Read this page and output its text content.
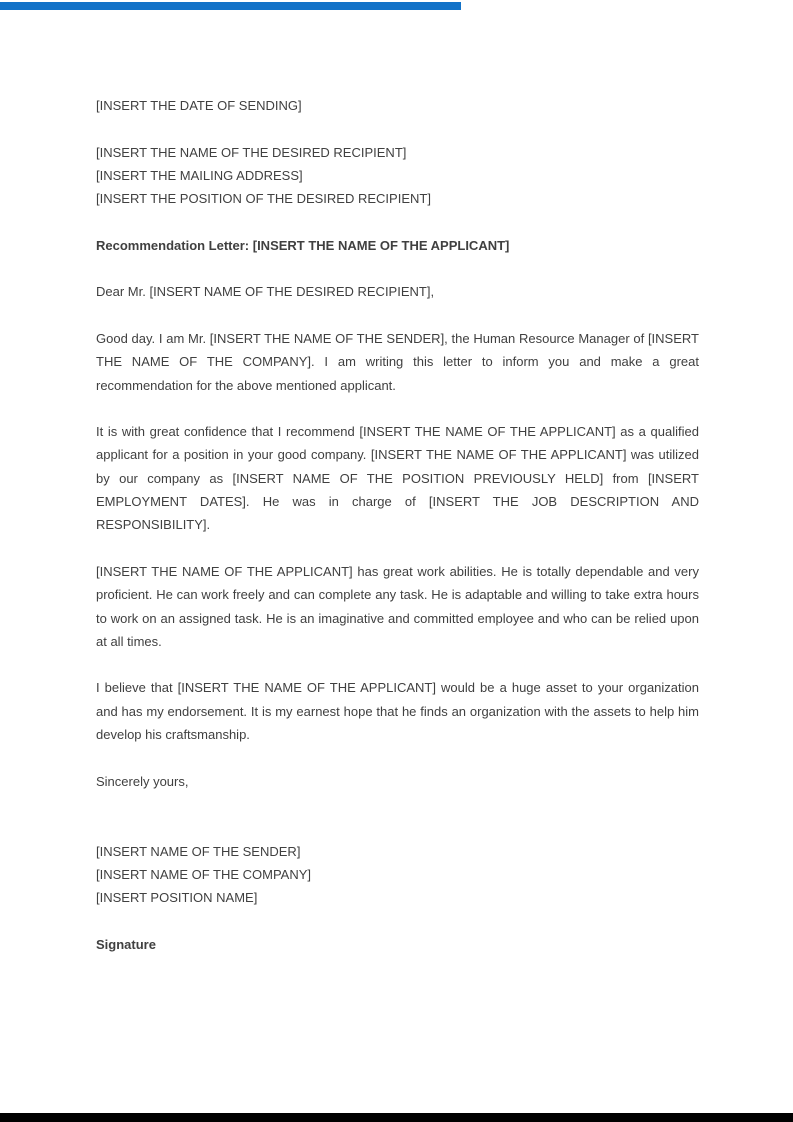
[INSERT THE DATE OF SENDING]

[INSERT THE NAME OF THE DESIRED RECIPIENT]

[INSERT THE MAILING ADDRESS]

[INSERT THE POSITION OF THE DESIRED RECIPIENT]

Recommendation Letter: [INSERT THE NAME OF THE APPLICANT]

Dear Mr. [INSERT NAME OF THE DESIRED RECIPIENT],

Good day. I am Mr. [INSERT THE NAME OF THE SENDER], the Human Resource Manager of [INSERT THE NAME OF THE COMPANY]. I am writing this letter to inform you and make a great recommendation for the above mentioned applicant.

It is with great confidence that I recommend [INSERT THE NAME OF THE APPLICANT] as a qualified applicant for a position in your good company. [INSERT THE NAME OF THE APPLICANT] was utilized by our company as [INSERT NAME OF THE POSITION PREVIOUSLY HELD] from [INSERT EMPLOYMENT DATES]. He was in charge of [INSERT THE JOB DESCRIPTION AND RESPONSIBILITY].

[INSERT THE NAME OF THE APPLICANT] has great work abilities. He is totally dependable and very proficient. He can work freely and can complete any task. He is adaptable and willing to take extra hours to work on an assigned task. He is an imaginative and committed employee and who can be relied upon at all times.

I believe that [INSERT THE NAME OF THE APPLICANT] would be a huge asset to your organization and has my endorsement. It is my earnest hope that he finds an organization with the assets to help him develop his craftsmanship.

Sincerely yours,

[INSERT NAME OF THE SENDER]

[INSERT NAME OF THE COMPANY]

[INSERT POSITION NAME]

Signature
